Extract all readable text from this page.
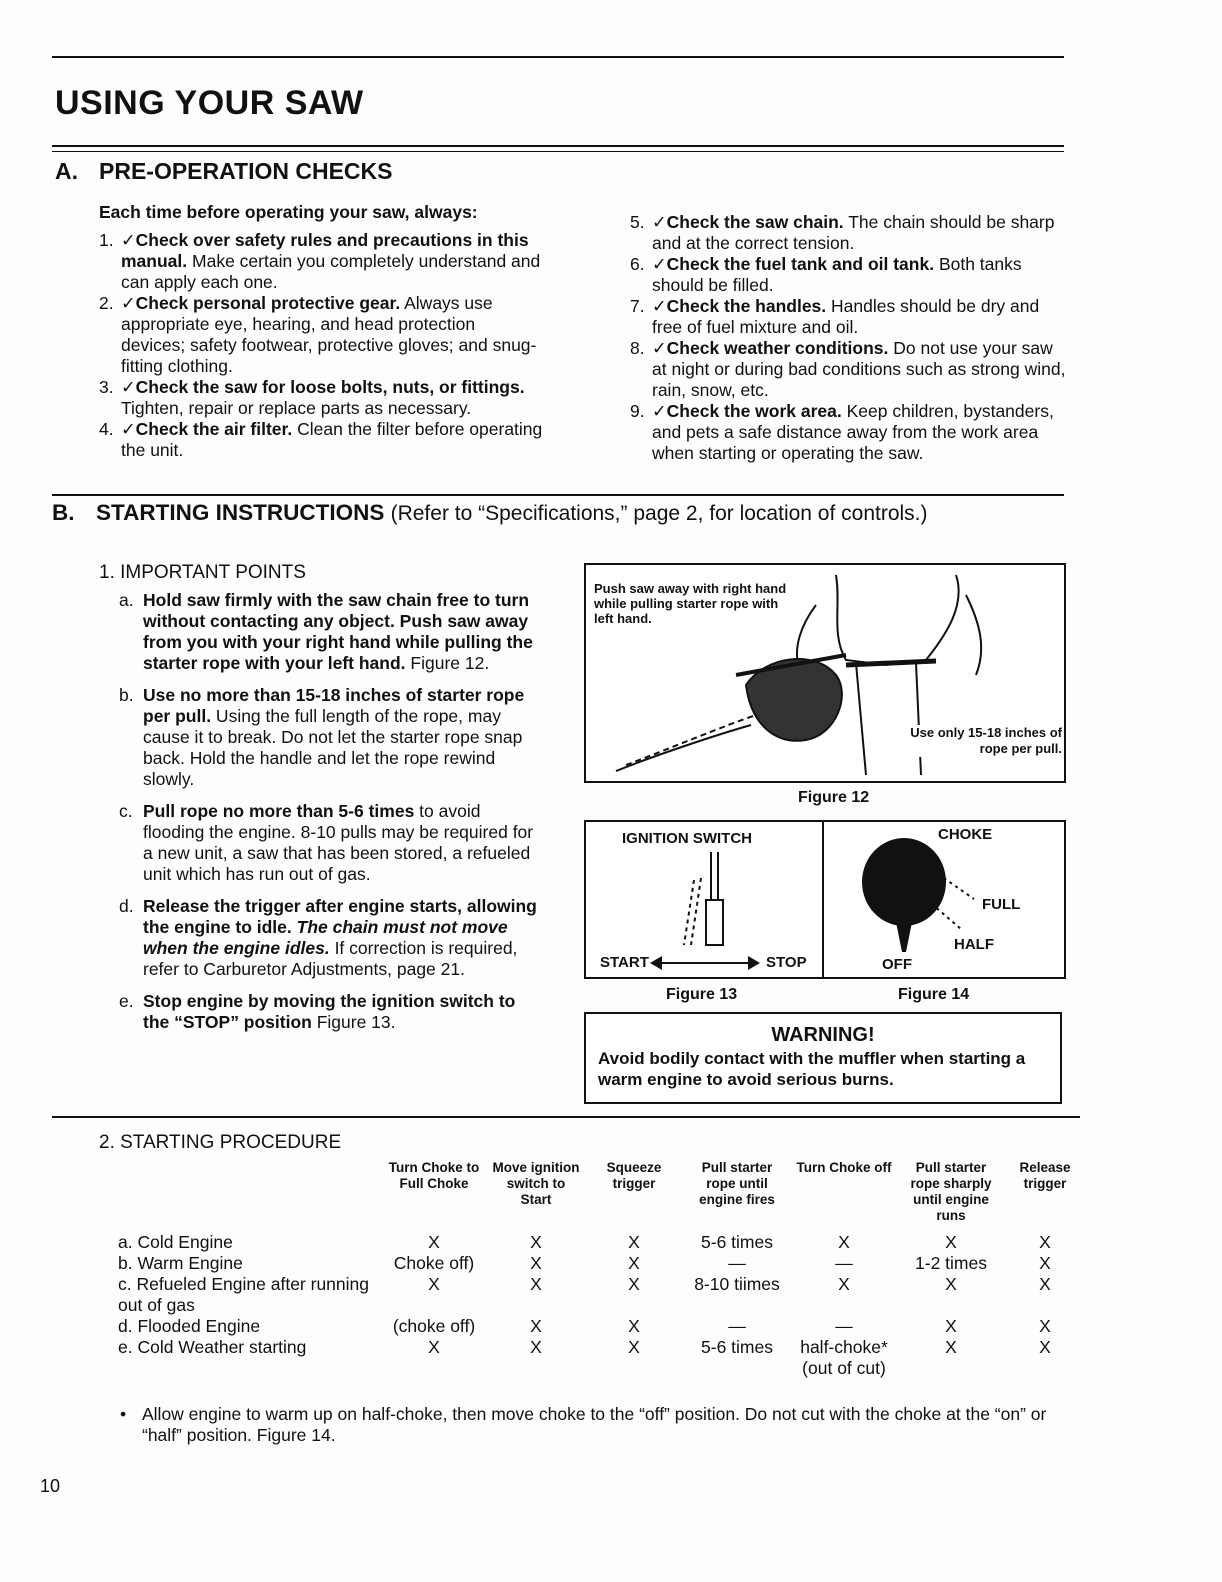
USING YOUR SAW
A. PRE-OPERATION CHECKS
Each time before operating your saw, always:
1. ✓Check over safety rules and precautions in this manual. Make certain you completely understand and can apply each one.
2. ✓Check personal protective gear. Always use appropriate eye, hearing, and head protection devices; safety footwear, protective gloves; and snug-fitting clothing.
3. ✓Check the saw for loose bolts, nuts, or fittings. Tighten, repair or replace parts as necessary.
4. ✓Check the air filter. Clean the filter before operating the unit.
5. ✓Check the saw chain. The chain should be sharp and at the correct tension.
6. ✓Check the fuel tank and oil tank. Both tanks should be filled.
7. ✓Check the handles. Handles should be dry and free of fuel mixture and oil.
8. ✓Check weather conditions. Do not use your saw at night or during bad conditions such as strong wind, rain, snow, etc.
9. ✓Check the work area. Keep children, bystanders, and pets a safe distance away from the work area when starting or operating the saw.
B. STARTING INSTRUCTIONS (Refer to “Specifications,” page 2, for location of controls.)
1. IMPORTANT POINTS
a. Hold saw firmly with the saw chain free to turn without contacting any object. Push saw away from you with your right hand while pulling the starter rope with your left hand. Figure 12.
b. Use no more than 15-18 inches of starter rope per pull. Using the full length of the rope, may cause it to break. Do not let the starter rope snap back. Hold the handle and let the rope rewind slowly.
c. Pull rope no more than 5-6 times to avoid flooding the engine. 8-10 pulls may be required for a new unit, a saw that has been stored, a refueled unit which has run out of gas.
d. Release the trigger after engine starts, allowing the engine to idle. The chain must not move when the engine idles. If correction is required, refer to Carburetor Adjustments, page 21.
e. Stop engine by moving the ignition switch to the “STOP” position Figure 13.
Push saw away with right hand while pulling starter rope with left hand.
Use only 15-18 inches of rope per pull.
Figure 12
IGNITION SWITCH
START	STOP
CHOKE
FULL
HALF
OFF
Figure 13	Figure 14
WARNING!
Avoid bodily contact with the muffler when starting a warm engine to avoid serious burns.
2. STARTING PROCEDURE
	Turn Choke to Full Choke	Move ignition switch to Start	Squeeze trigger	Pull starter rope until engine fires	Turn Choke off	Pull starter rope sharply until engine runs	Release trigger

a. Cold Engine	X	X	X	5-6 times	X	X	X
b. Warm Engine	Choke off)	X	X	—	—	1-2 times	X
c. Refueled Engine after running out of gas	X	X	X	8-10 tiimes	X	X	X
d. Flooded Engine	(choke off)	X	X	—	—	X	X
e. Cold Weather starting	X	X	X	5-6 times	half-choke* (out of cut)	X	X
• Allow engine to warm up on half-choke, then move choke to the “off” position. Do not cut with the choke at the “on” or “half” position. Figure 14.
10
